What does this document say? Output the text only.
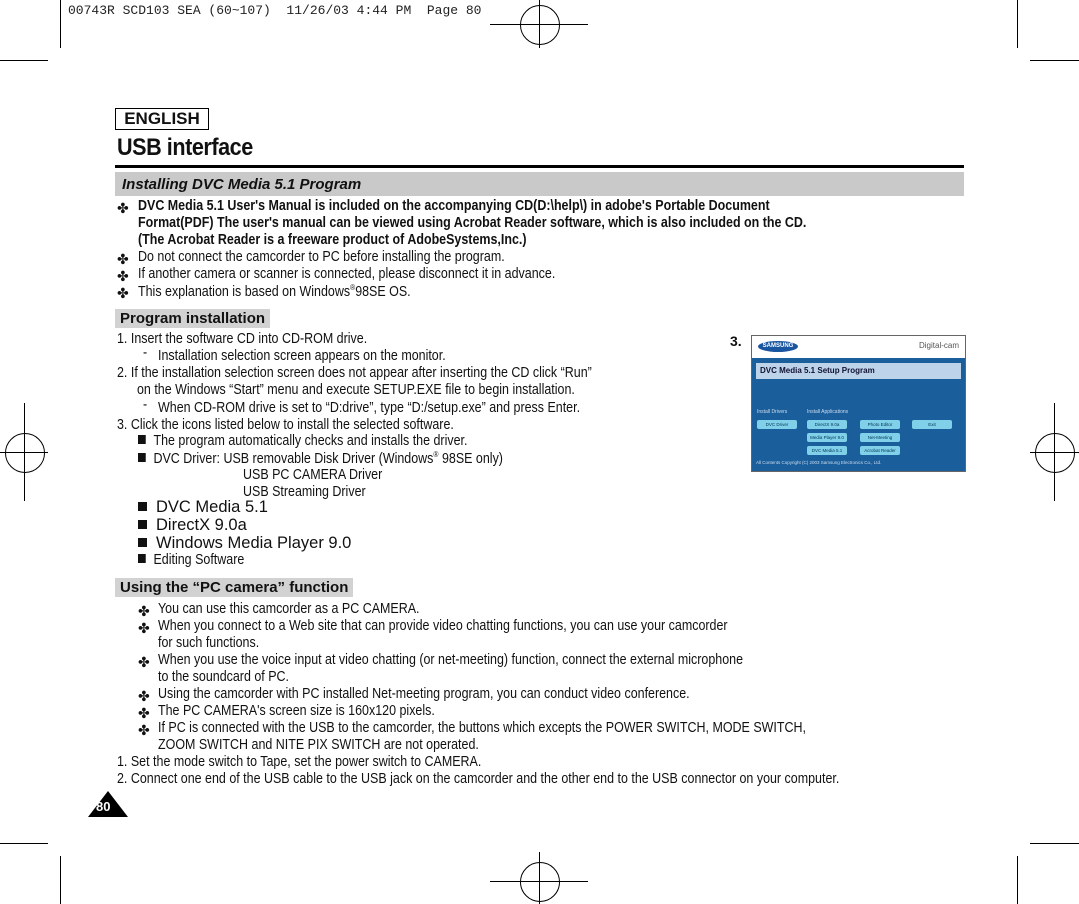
00743R SCD103 SEA (60~107)  11/26/03 4:44 PM  Page 80
ENGLISH
USB interface
Installing DVC Media 5.1 Program
✤ DVC Media 5.1 User's Manual is included on the accompanying CD(D:\help\) in adobe's Portable Document
Format(PDF) The user's manual can be viewed using Acrobat Reader software, which is also included on the CD.
(The Acrobat Reader is a freeware product of AdobeSystems,Inc.)
✤ Do not connect the camcorder to PC before installing the program.
✤ If another camera or scanner is connected, please disconnect it in advance.
✤ This explanation is based on Windows®98SE OS.
Program installation
1. Insert the software CD into CD-ROM drive.
- Installation selection screen appears on the monitor.
2. If the installation selection screen does not appear after inserting the CD click “Run”
on the Windows “Start” menu and execute SETUP.EXE file to begin installation.
- When CD-ROM drive is set to “D:drive”, type “D:/setup.exe” and press Enter.
3. Click the icons listed below to install the selected software.
The program automatically checks and installs the driver.
DVC Driver: USB removable Disk Driver (Windows® 98SE only)
USB PC CAMERA Driver
USB Streaming Driver
DVC Media 5.1
DirectX 9.0a
Windows Media Player 9.0
Editing Software
3.	SAMSUNG	Digital-cam
DVC Media 5.1 Setup Program
Install Drivers	Install Applications
DVC Driver	DirectX 9.0a	Photo Editor	Exit
Media Player 9.0	Net-Meeting
DVC Media 5.1	Acrobat Reader
All Contents Copyright (C) 2003 Samsung Electronics Co., Ltd.
Using the “PC camera” function
✤ You can use this camcorder as a PC CAMERA.
✤ When you connect to a Web site that can provide video chatting functions, you can use your camcorder
for such functions.
✤ When you use the voice input at video chatting (or net-meeting) function, connect the external microphone
to the soundcard of PC.
✤ Using the camcorder with PC installed Net-meeting program, you can conduct video conference.
✤ The PC CAMERA's screen size is 160x120 pixels.
✤ If PC is connected with the USB to the camcorder, the buttons which excepts the POWER SWITCH, MODE SWITCH,
ZOOM SWITCH and NITE PIX SWITCH are not operated.
1. Set the mode switch to Tape, set the power switch to CAMERA.
2. Connect one end of the USB cable to the USB jack on the camcorder and the other end to the USB connector on your computer.
80
